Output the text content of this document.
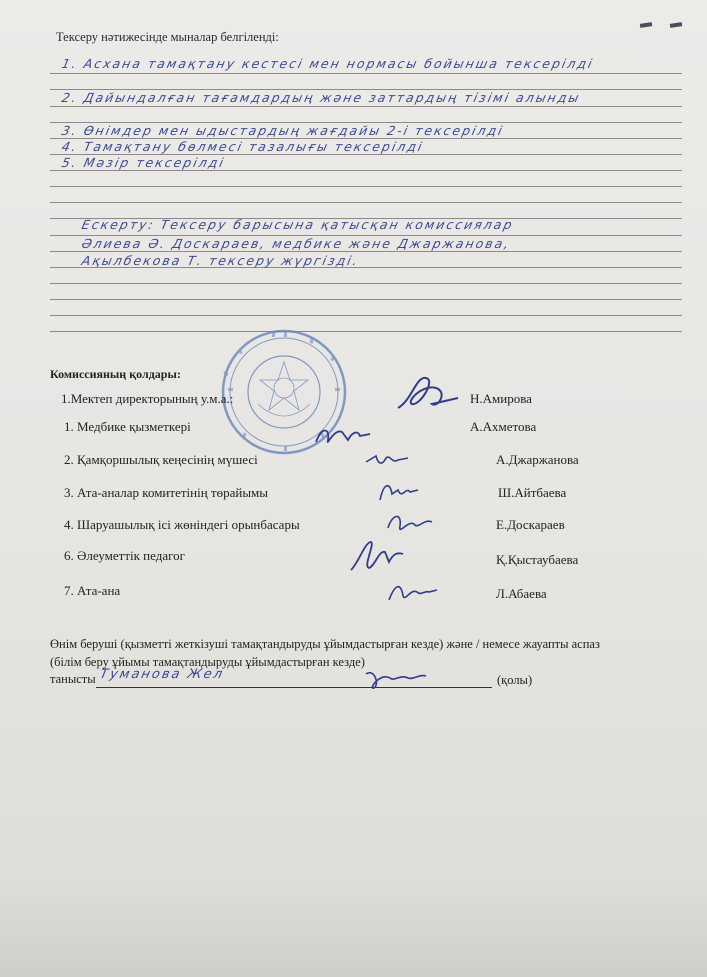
Тексеру нәтижесінде мыналар белгіленді:
1. Асхана тамақтану кестесі мен нормасы бойынша тексерілді
2. Дайындалған тағамдардың және заттардың тізімі алынды
3. Өнімдер мен ыдыстардың жағдайы 2-і тексерілді
4. Тамақтану бөлмесі тазалығы тексерілді
5. Мәзір тексерілді
Ескерту: Тексеру барысына қатысқан комиссиялар
Әлиева Ә. Доскараев, медбике және Джаржанова,
Ақылбекова Т. тексеру жүргізді.
Комиссияның қолдары:
1.Мектеп директорының у.м.а.:	Н.Амирова
1. Медбике қызметкері	А.Ахметова
2. Қамқоршылық кеңесінің мүшесі	А.Джаржанова
3. Ата-аналар комитетінің төрайымы	Ш.Айтбаева
4. Шаруашылық ісі жөніндегі орынбасары	Е.Доскараев
6. Әлеуметтік педагог	Қ.Қыстаубаева
7. Ата-ана	Л.Абаева
Өнім беруші (қызметті жеткізуші тамақтандыруды ұйымдастырған кезде) және / немесе жауапты аспаз
(білім беру ұйымы тамақтандыруды ұйымдастырған кезде)
танысты Туманова Жел	(қолы)
